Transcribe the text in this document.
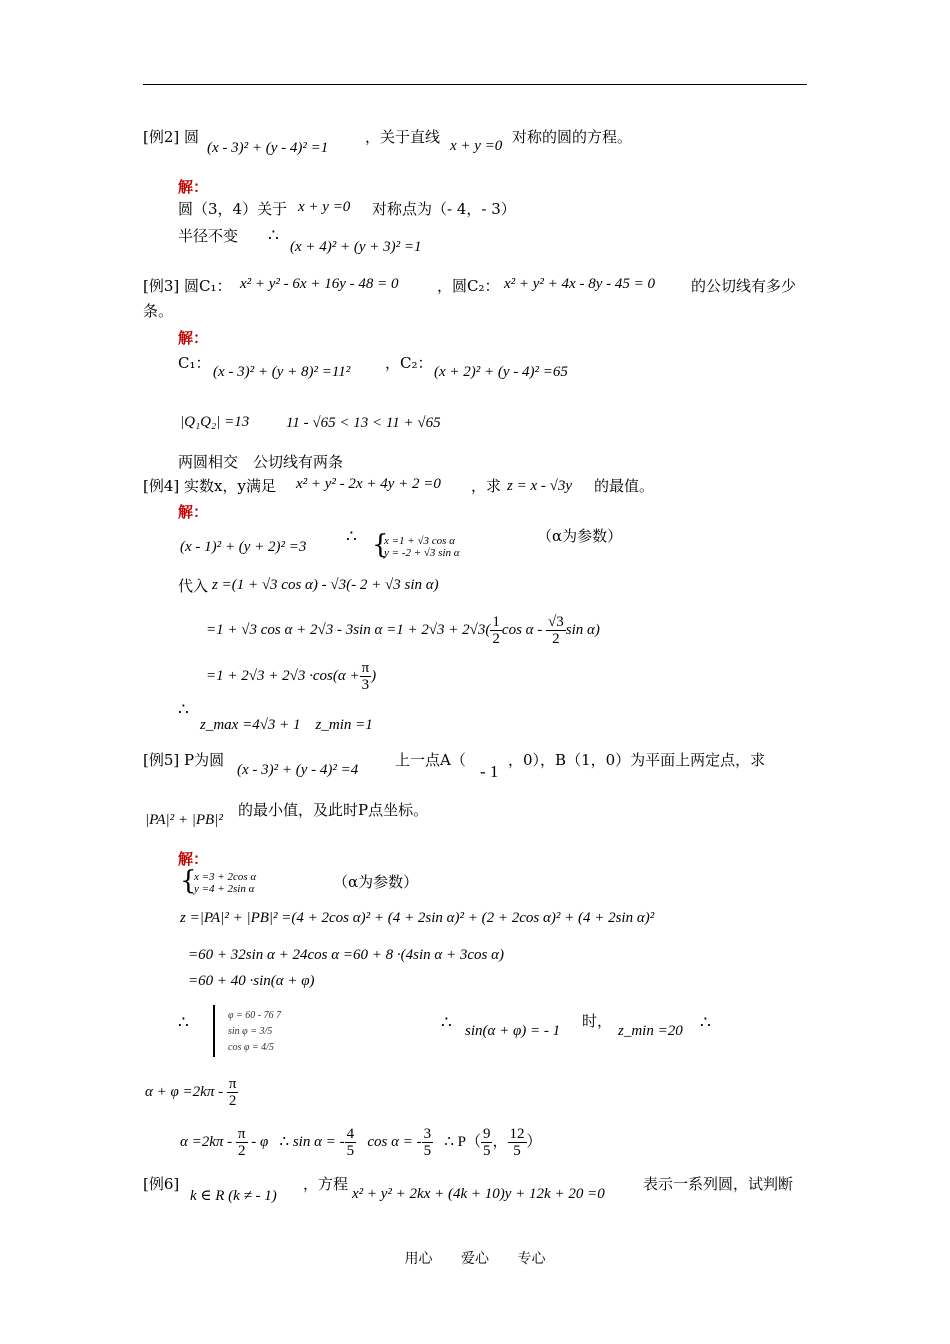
[例2] 圆
(x - 3)² + (y - 4)² =1
，关于直线 x + y =0 对称的圆的方程。
解：
圆（3，4）关于 x + y =0 对称点为（- 4，- 3）
半径不变 ∴
(x + 4)² + (y + 3)² =1
[例3] 圆C₁： x² + y² - 6x + 16y - 48 = 0	，圆C₂： x² + y² + 4x - 8y - 45 = 0 的公切线有多少
条。
解：
C₁： (x - 3)² + (y + 8)² =11² ，C₂： (x + 2)² + (y - 4)² =65
|Q₁Q₂| =13 11 - √65 < 13 < 11 + √65
两圆相交　公切线有两条
[例4] 实数x，y满足 x² + y² - 2x + 4y + 2 =0 ，求 z = x - √3y 的最值。
解：
(x - 1)² + (y + 2)² =3 ∴ {
x =1 + √3 cos α
y = -2 + √3 sin α
（α为参数）
代入 z =(1 + √3 cos α) - √3(- 2 + √3 sin α)
=1 + √3 cos α + 2√3 - 3sin $\alpha =1 + 2√3 + 2√3( \frac{1}{2}$ cos α - $\frac{√3}{2}$ sin α)
$=1 + 2√3 + 2√3 \cdot\cos(\alpha + \frac{\pi}{3}$ )
∴
z_max =4√3 + 1　z_min =1
[例5] P为圆
(x - 3)² + (y - 4)² =4
上一点A（
- 1
，0），B（1，0）为平面上两定点，求
|PA|² + |PB|²
的最小值，及此时P点坐标。
解：
{
x =3 + 2cos α
y =4 + 2sin α	（α为参数）
z =|PA|² + |PB|² =(4 + 2cos α)² + (4 + 2sin α)² + (2 + 2cos α)² + (4 + 2sin α)²
=60 + 32sin α + 24cos α =60 + 8 ·(4sin α + 3cos α)
=60 + 40 ·sin(α + φ)
∴	φ = 60 - 76 7
sin φ = 3/5
cos φ = 4/5
∴ sin(α + φ) = - 1
时，
z_min =20 ∴
$\alpha + \varphi =2k\pi - \frac{\pi}{2}$
$\alpha =2k\pi - \frac{\pi}{2} - \varphi$ ∴ sin α = - $\frac{4}{5}$ cos α = - $\frac{3}{5}$ ∴ $P( \frac{9}{5}$ ， $\frac{12}{5}$ ）
[例6]
k ∈ R (k ≠ - 1)
，方程
x² + y² + 2kx + (4k + 10)y + 12k + 20 =0
表示一系列圆，试判断
用心 爱心 专心
